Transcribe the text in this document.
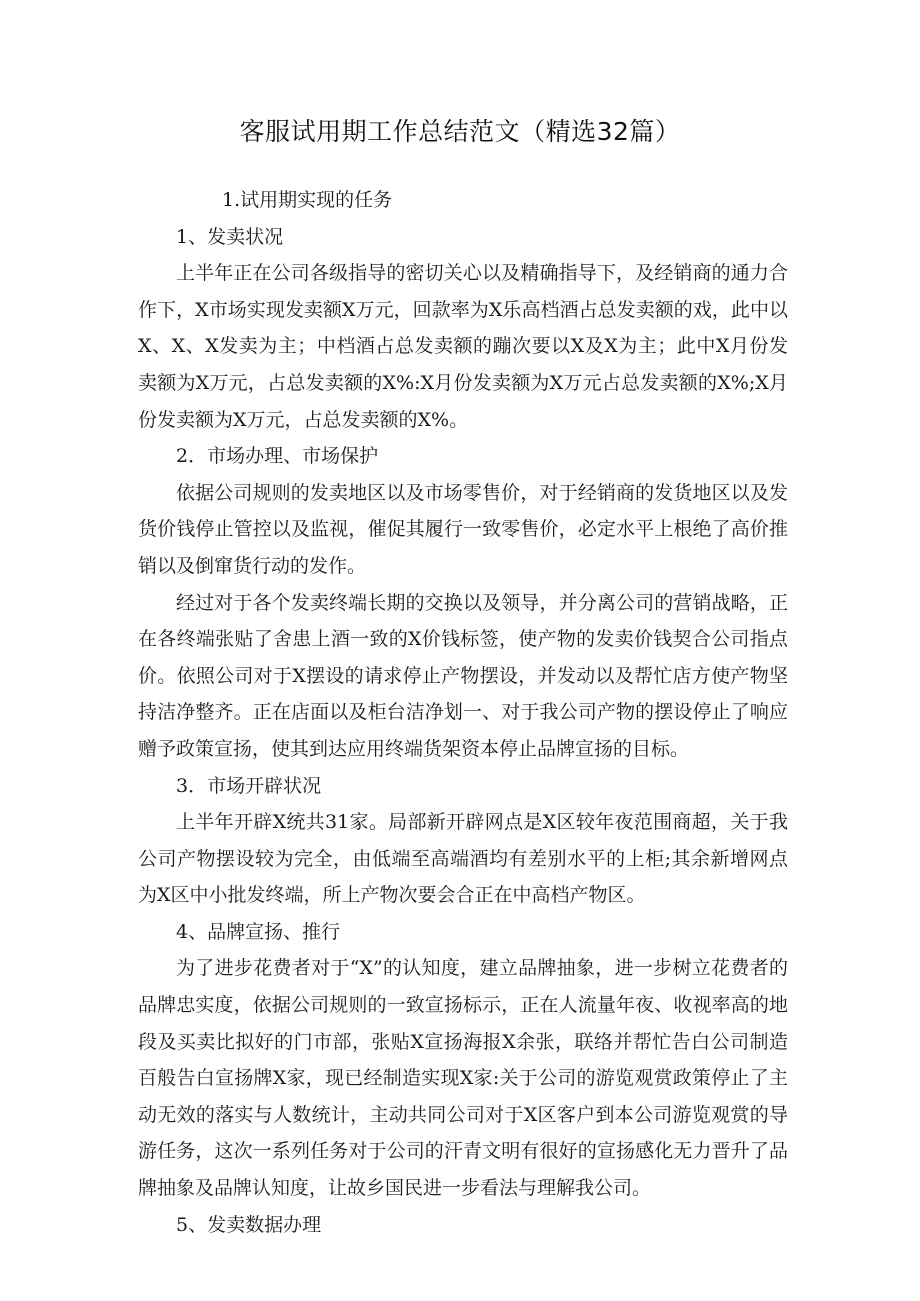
客服试用期工作总结范文（精选32篇）

1.试用期实现的任务

1、发卖状况

上半年正在公司各级指导的密切关心以及精确指导下，及经销商的通力合作下，X市场实现发卖额X万元，回款率为X乐高档酒占总发卖额的戏，此中以X、X、X发卖为主；中档酒占总发卖额的蹦次要以X及X为主；此中X月份发卖额为X万元，占总发卖额的X%:X月份发卖额为X万元占总发卖额的X%;X月份发卖额为X万元，占总发卖额的X%。

2．市场办理、市场保护

依据公司规则的发卖地区以及市场零售价，对于经销商的发货地区以及发货价钱停止管控以及监视，催促其履行一致零售价，必定水平上根绝了高价推销以及倒窜货行动的发作。

经过对于各个发卖终端长期的交换以及领导，并分离公司的营销战略，正在各终端张贴了舍患上酒一致的X价钱标签，使产物的发卖价钱契合公司指点价。依照公司对于X摆设的请求停止产物摆设，并发动以及帮忙店方使产物坚持洁净整齐。正在店面以及柜台洁净划一、对于我公司产物的摆设停止了响应赠予政策宣扬，使其到达应用终端货架资本停止品牌宣扬的目标。

3．市场开辟状况

上半年开辟X统共31家。局部新开辟网点是X区较年夜范围商超，关于我公司产物摆设较为完全，由低端至高端酒均有差别水平的上柜;其余新增网点为X区中小批发终端，所上产物次要会合正在中高档产物区。

4、品牌宣扬、推行

为了进步花费者对于“X”的认知度，建立品牌抽象，进一步树立花费者的品牌忠实度，依据公司规则的一致宣扬标示，正在人流量年夜、收视率高的地段及买卖比拟好的门市部，张贴X宣扬海报X余张，联络并帮忙告白公司制造百般告白宣扬牌X家，现已经制造实现X家:关于公司的游览观赏政策停止了主动无效的落实与人数统计，主动共同公司对于X区客户到本公司游览观赏的导游任务，这次一系列任务对于公司的汗青文明有很好的宣扬感化无力晋升了品牌抽象及品牌认知度，让故乡国民进一步看法与理解我公司。

5、发卖数据办理
